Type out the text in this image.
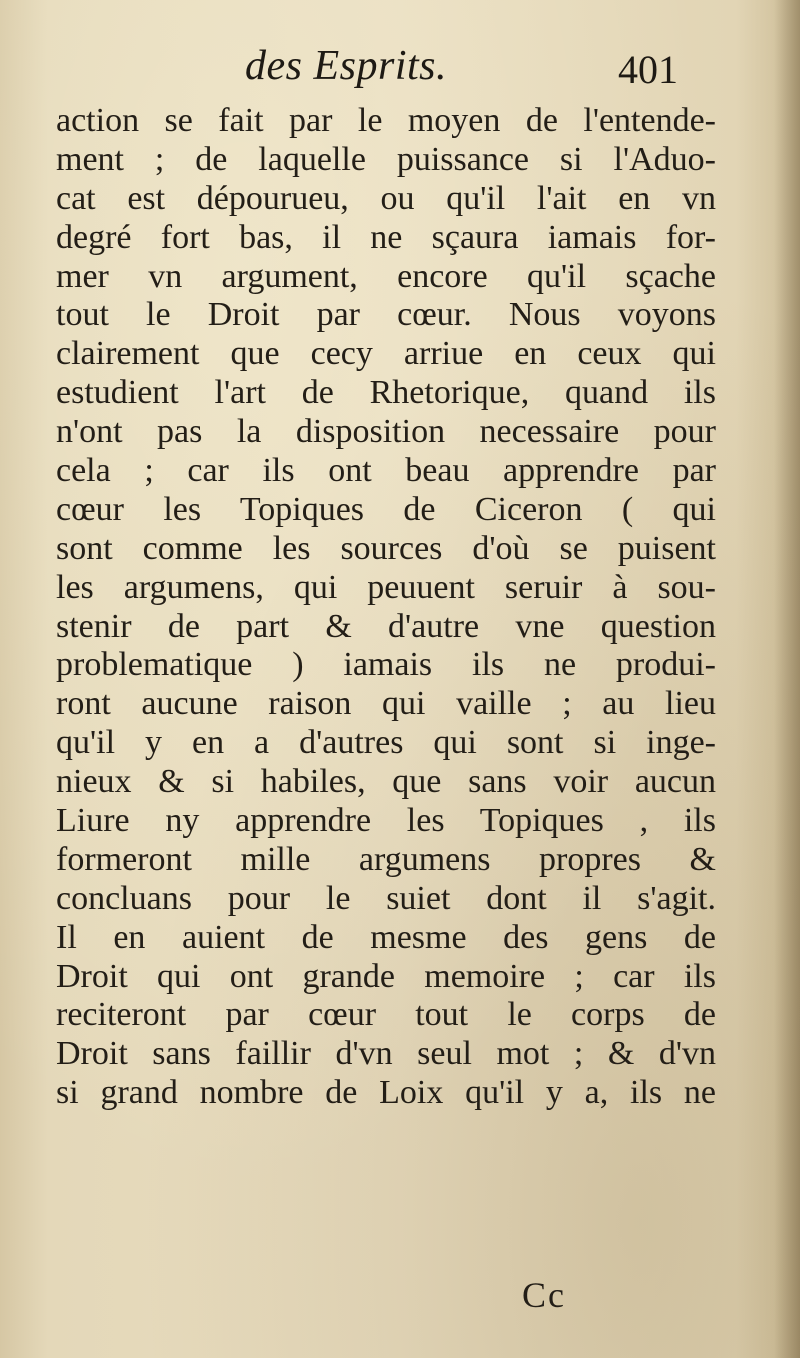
des Esprits.	401
action se fait par le moyen de l'entende-
ment ; de laquelle puissance si l'Aduo-
cat est dépourueu, ou qu'il l'ait en vn
degré fort bas, il ne sçaura iamais for-
mer vn argument, encore qu'il sçache
tout le Droit par cœur. Nous voyons
clairement que cecy arriue en ceux qui
estudient l'art de Rhetorique, quand ils
n'ont pas la disposition necessaire pour
cela ; car ils ont beau apprendre par
cœur les Topiques de Ciceron ( qui
sont comme les sources d'où se puisent
les argumens, qui peuuent seruir à sou-
stenir de part & d'autre vne question
problematique ) iamais ils ne produi-
ront aucune raison qui vaille ; au lieu
qu'il y en a d'autres qui sont si inge-
nieux & si habiles, que sans voir aucun
Liure ny apprendre les Topiques , ils
formeront mille argumens propres &
concluans pour le suiet dont il s'agit.
Il en auient de mesme des gens de
Droit qui ont grande memoire ; car ils
reciteront par cœur tout le corps de
Droit sans faillir d'vn seul mot ; & d'vn
si grand nombre de Loix qu'il y a, ils ne
Cc
